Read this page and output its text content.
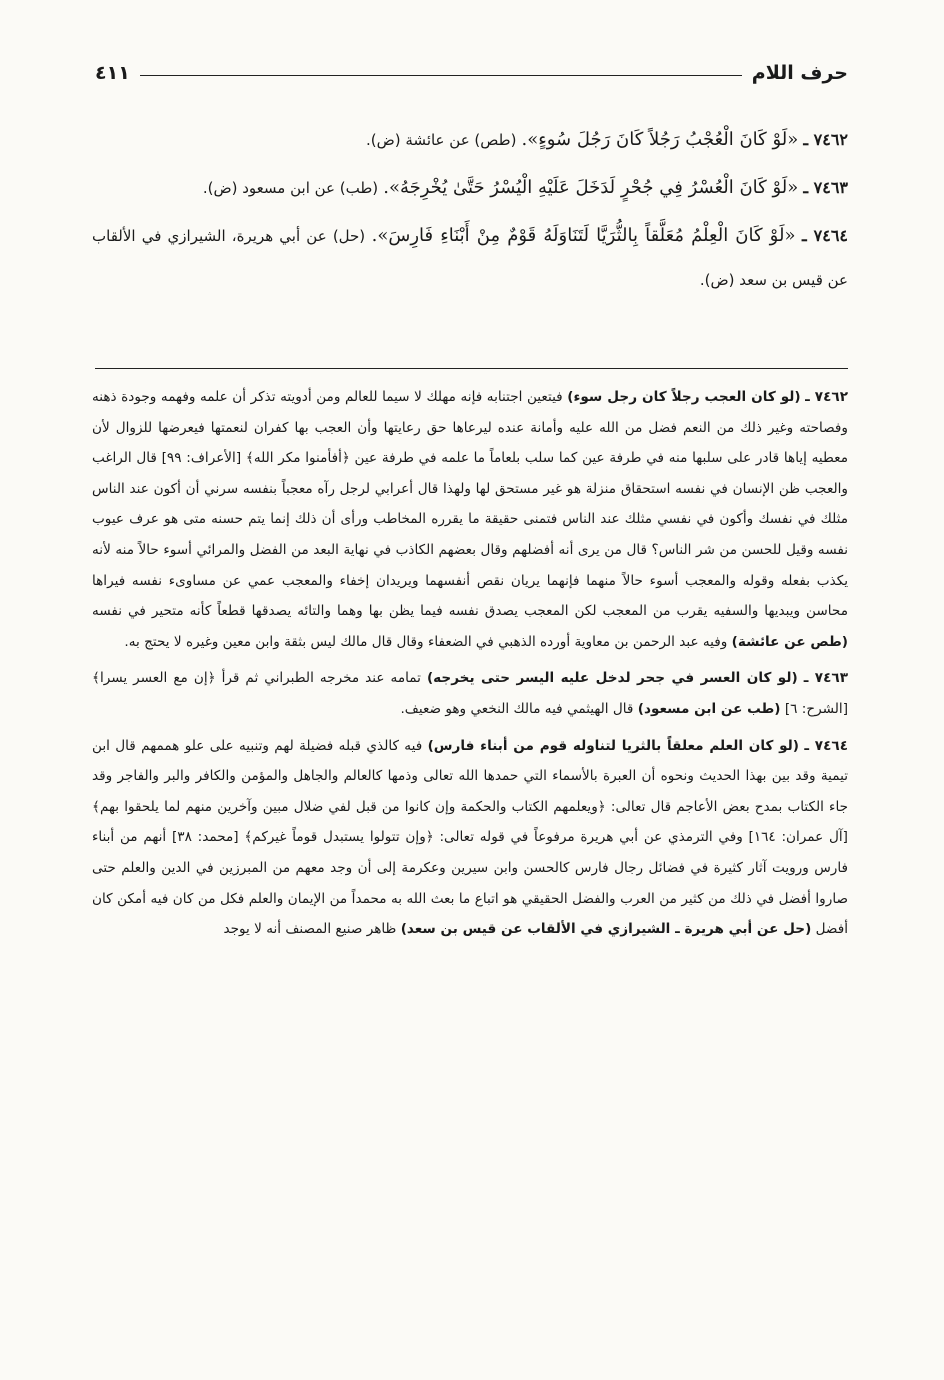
حرف اللام
٤١١

٧٤٦٢ ـ «لَوْ كَانَ الْعُجْبُ رَجُلاً كَانَ رَجُلَ سُوءٍ». (طص) عن عائشة (ض).

٧٤٦٣ ـ «لَوْ كَانَ الْعُسْرُ فِي جُحْرٍ لَدَخَلَ عَلَيْهِ الْيُسْرُ حَتَّىٰ يُخْرِجَهُ». (طب) عن ابن مسعود (ض).

٧٤٦٤ ـ «لَوْ كَانَ الْعِلْمُ مُعَلَّقاً بِالثُّرَيَّا لَتَنَاوَلَهُ قَوْمٌ مِنْ أَبْنَاءِ فَارِسَ». (حل) عن أبي هريرة، الشيرازي في الألقاب عن قيس بن سعد (ض).

٧٤٦٢ ـ (لو كان العجب رجلاً كان رجل سوء) فيتعين اجتنابه فإنه مهلك لا سيما للعالم ومن أدويته تذكر أن علمه وفهمه وجودة ذهنه وفصاحته وغير ذلك من النعم فضل من الله عليه وأمانة عنده ليرعاها حق رعايتها وأن العجب بها كفران لنعمتها فيعرضها للزوال لأن معطيه إياها قادر على سلبها منه في طرفة عين كما سلب بلعاماً ما علمه في طرفة عين ﴿أفأمنوا مكر الله﴾ [الأعراف: ٩٩] قال الراغب والعجب ظن الإنسان في نفسه استحقاق منزلة هو غير مستحق لها ولهذا قال أعرابي لرجل رآه معجباً بنفسه سرني أن أكون عند الناس مثلك في نفسك وأكون في نفسي مثلك عند الناس فتمنى حقيقة ما يقرره المخاطب ورأى أن ذلك إنما يتم حسنه متى هو عرف عيوب نفسه وقيل للحسن من شر الناس؟ قال من يرى أنه أفضلهم وقال بعضهم الكاذب في نهاية البعد من الفضل والمرائي أسوء حالاً منه لأنه يكذب بفعله وقوله والمعجب أسوء حالاً منهما فإنهما يريان نقص أنفسهما ويريدان إخفاء والمعجب عمي عن مساوىء نفسه فيراها محاسن ويبديها والسفيه يقرب من المعجب لكن المعجب يصدق نفسه فيما يظن بها وهما والتائه يصدقها قطعاً كأنه متحير في نفسه (طص عن عائشة) وفيه عبد الرحمن بن معاوية أورده الذهبي في الضعفاء وقال قال مالك ليس بثقة وابن معين وغيره لا يحتج به.

٧٤٦٣ ـ (لو كان العسر في جحر لدخل عليه اليسر حتى يخرجه) تمامه عند مخرجه الطبراني ثم قرأ ﴿إن مع العسر يسرا﴾ [الشرح: ٦] (طب عن ابن مسعود) قال الهيثمي فيه مالك النخعي وهو ضعيف.

٧٤٦٤ ـ (لو كان العلم معلقاً بالثريا لتناوله قوم من أبناء فارس) فيه كالذي قبله فضيلة لهم وتنبيه على علو هممهم قال ابن تيمية وقد بين بهذا الحديث ونحوه أن العبرة بالأسماء التي حمدها الله تعالى وذمها كالعالم والجاهل والمؤمن والكافر والبر والفاجر وقد جاء الكتاب بمدح بعض الأعاجم قال تعالى: ﴿ويعلمهم الكتاب والحكمة وإن كانوا من قبل لفي ضلال مبين وآخرين منهم لما يلحقوا بهم﴾ [آل عمران: ١٦٤] وفي الترمذي عن أبي هريرة مرفوعاً في قوله تعالى: ﴿وإن تتولوا يستبدل قوماً غيركم﴾ [محمد: ٣٨] أنهم من أبناء فارس ورويت آثار كثيرة في فضائل رجال فارس كالحسن وابن سيرين وعكرمة إلى أن وجد معهم من المبرزين في الدين والعلم حتى صاروا أفضل في ذلك من كثير من العرب والفضل الحقيقي هو اتباع ما بعث الله به محمداً من الإيمان والعلم فكل من كان فيه أمكن كان أفضل (حل عن أبي هريرة ـ الشيرازي في الألقاب عن قيس بن سعد) ظاهر صنيع المصنف أنه لا يوجد
